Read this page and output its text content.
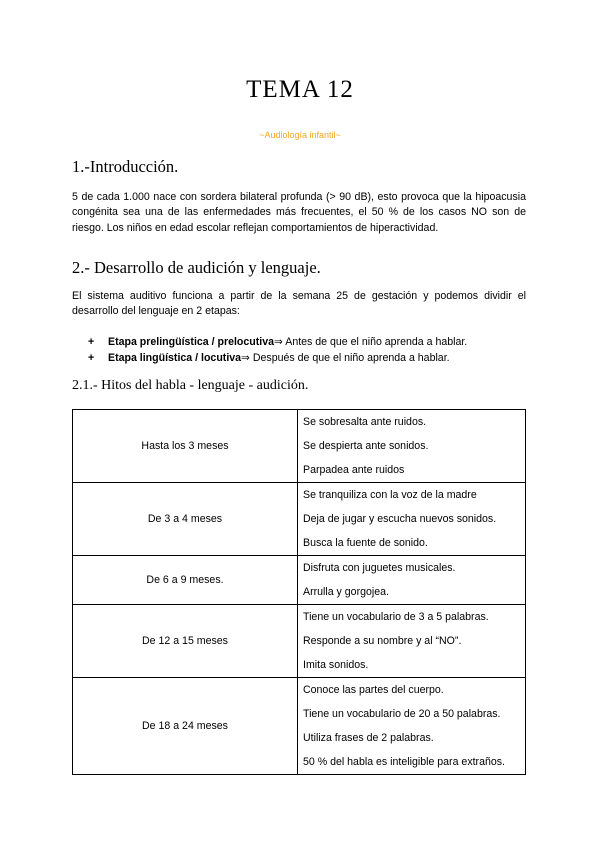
TEMA 12
~Audiología infantil~
1.-Introducción.
5 de cada 1.000 nace con sordera bilateral profunda (> 90 dB), esto provoca que la hipoacusia congénita sea una de las enfermedades más frecuentes, el 50 % de los casos NO son de riesgo. Los niños en edad escolar reflejan comportamientos de hiperactividad.
2.- Desarrollo de audición y lenguaje.
El sistema auditivo funciona a partir de la semana 25 de gestación y podemos dividir el desarrollo del lenguaje en 2 etapas:
+	Etapa prelingüística / prelocutiva ⇒ Antes de que el niño aprenda a hablar.
+	Etapa lingüística / locutiva ⇒ Después de que el niño aprenda a hablar.
2.1.- Hitos del habla - lenguaje - audición.
Hasta los 3 meses	Se sobresalta ante ruidos.
Se despierta ante sonidos.
Parpadea ante ruidos

De 3 a 4 meses	Se tranquiliza con la voz de la madre
Deja de jugar y escucha nuevos sonidos.
Busca la fuente de sonido.

De 6 a 9 meses.	Disfruta con juguetes musicales.
Arrulla y gorgojea.

De 12 a 15 meses	Tiene un vocabulario de 3 a 5 palabras.
Responde a su nombre y al “NO”.
Imita sonidos.

De 18 a 24 meses	Conoce las partes del cuerpo.
Tiene un vocabulario de 20 a 50 palabras.
Utiliza frases de 2 palabras.
50 % del habla es inteligible para extraños.
